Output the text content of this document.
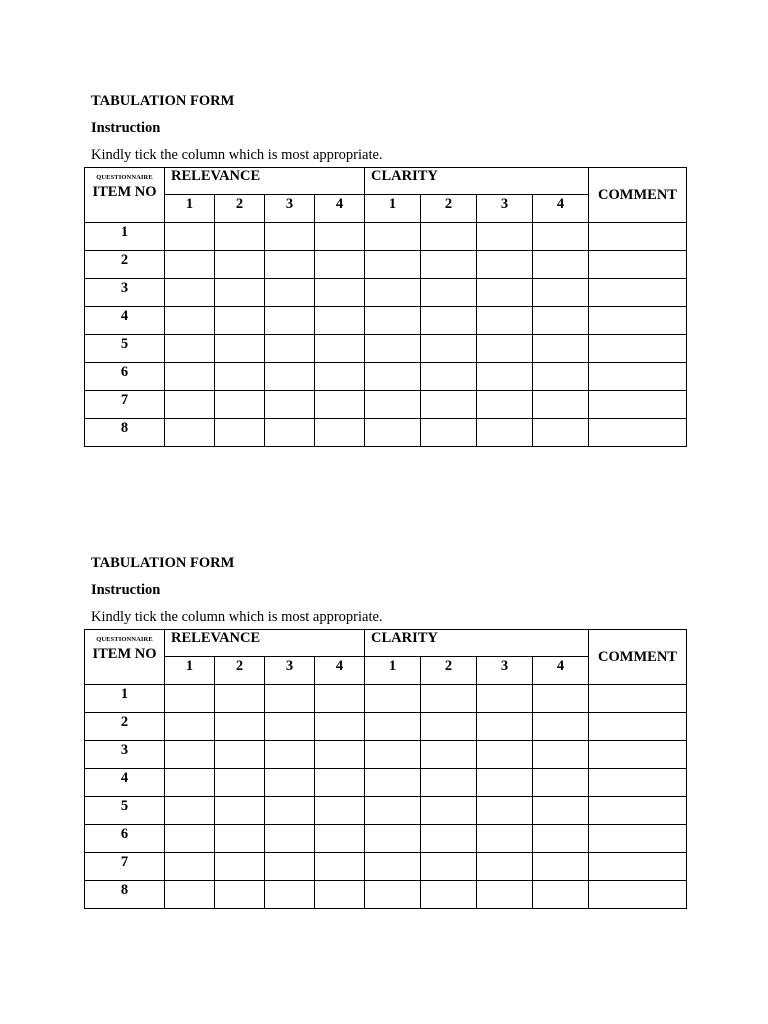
TABULATION FORM
Instruction
Kindly tick the column which is most appropriate.
QUESTIONNAIRE
ITEM NO	RELEVANCE				CLARITY				COMMENT
	1	2	3	4	1	2	3	4	
1									
2									
3									
4									
5									
6									
7									
8									
TABULATION FORM
Instruction
Kindly tick the column which is most appropriate.
QUESTIONNAIRE
ITEM NO	RELEVANCE				CLARITY				COMMENT
	1	2	3	4	1	2	3	4	
1									
2									
3									
4									
5									
6									
7									
8									
